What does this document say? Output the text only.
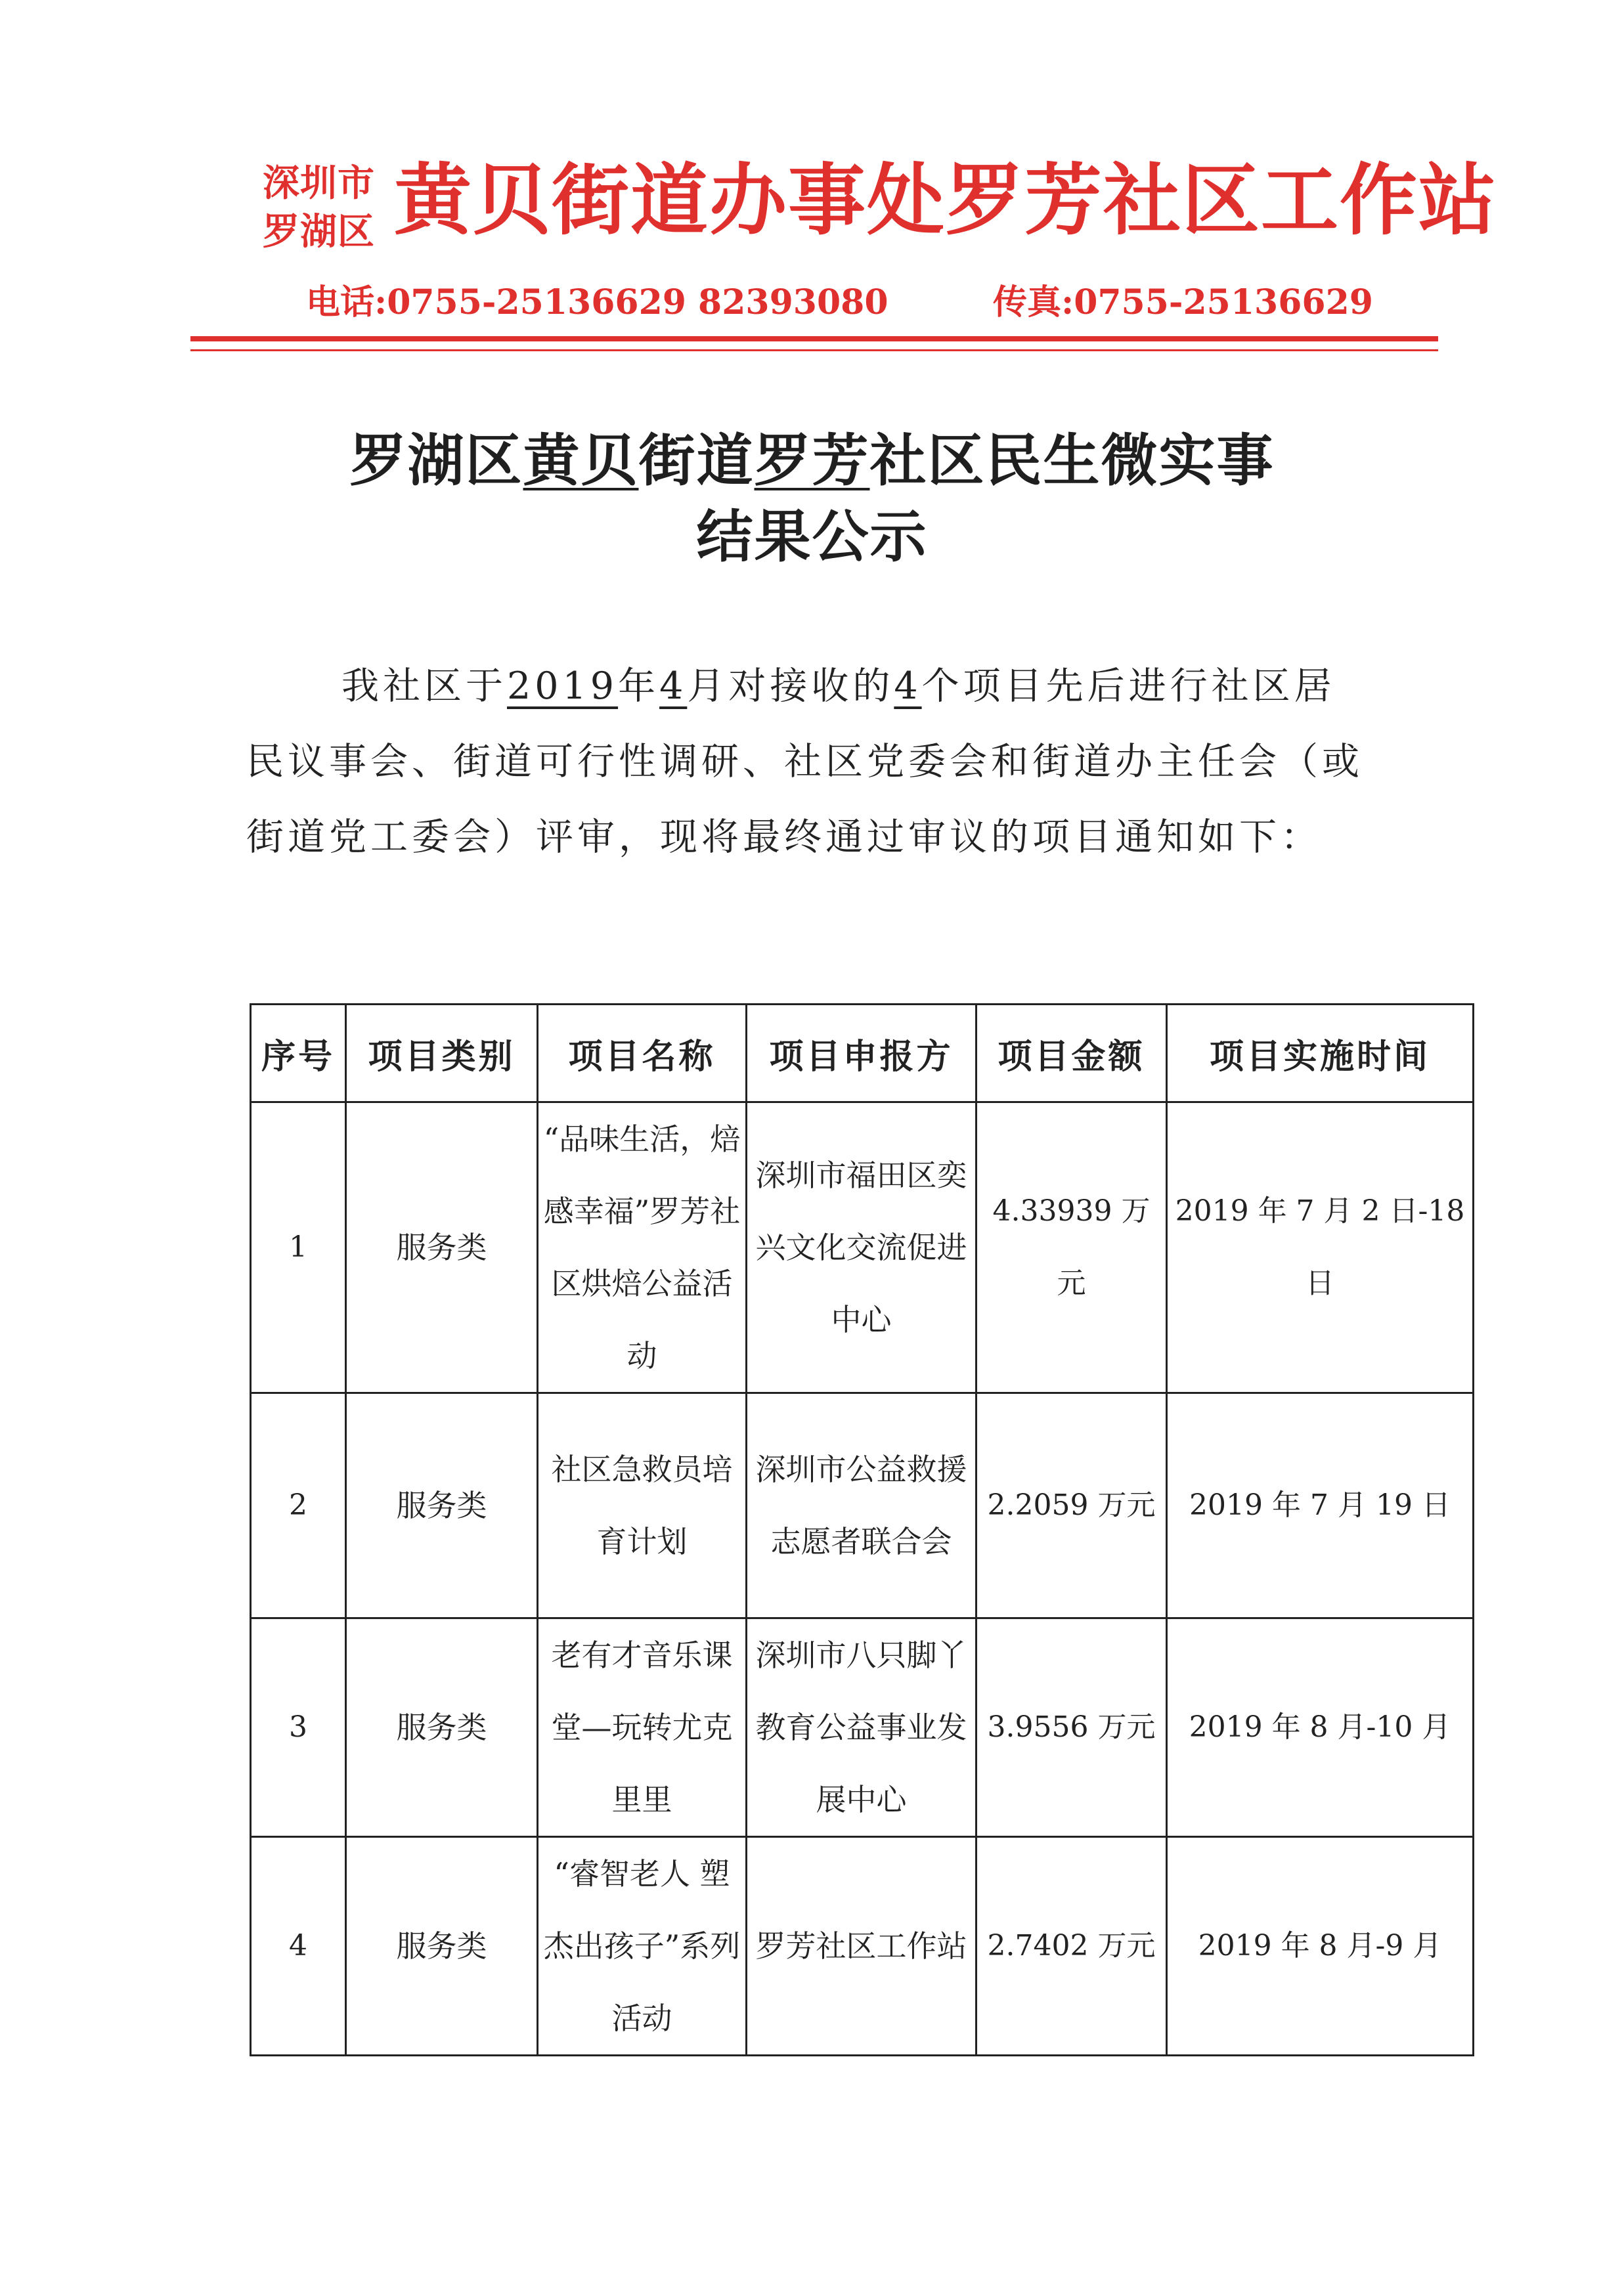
深圳市
罗湖区 黄贝街道办事处罗芳社区工作站
电话:0755-25136629 82393080	传真:0755-25136629
罗湖区黄贝街道罗芳社区民生微实事
结果公示
我社区于2019年4月对接收的4个项目先后进行社区居民议事会、街道可行性调研、社区党委会和街道办主任会（或街道党工委会）评审，现将最终通过审议的项目通知如下：
序号	项目类别	项目名称	项目申报方	项目金额	项目实施时间
1	服务类	“品味生活，焙感幸福”罗芳社区烘焙公益活动	深圳市福田区奕兴文化交流促进中心	4.33939 万元	2019 年 7 月 2 日-18 日
2	服务类	社区急救员培育计划	深圳市公益救援志愿者联合会	2.2059 万元	2019 年 7 月 19 日
3	服务类	老有才音乐课堂—玩转尤克里里	深圳市八只脚丫教育公益事业发展中心	3.9556 万元	2019 年 8 月-10 月
4	服务类	“睿智老人 塑杰出孩子”系列活动	罗芳社区工作站	2.7402 万元	2019 年 8 月-9 月
